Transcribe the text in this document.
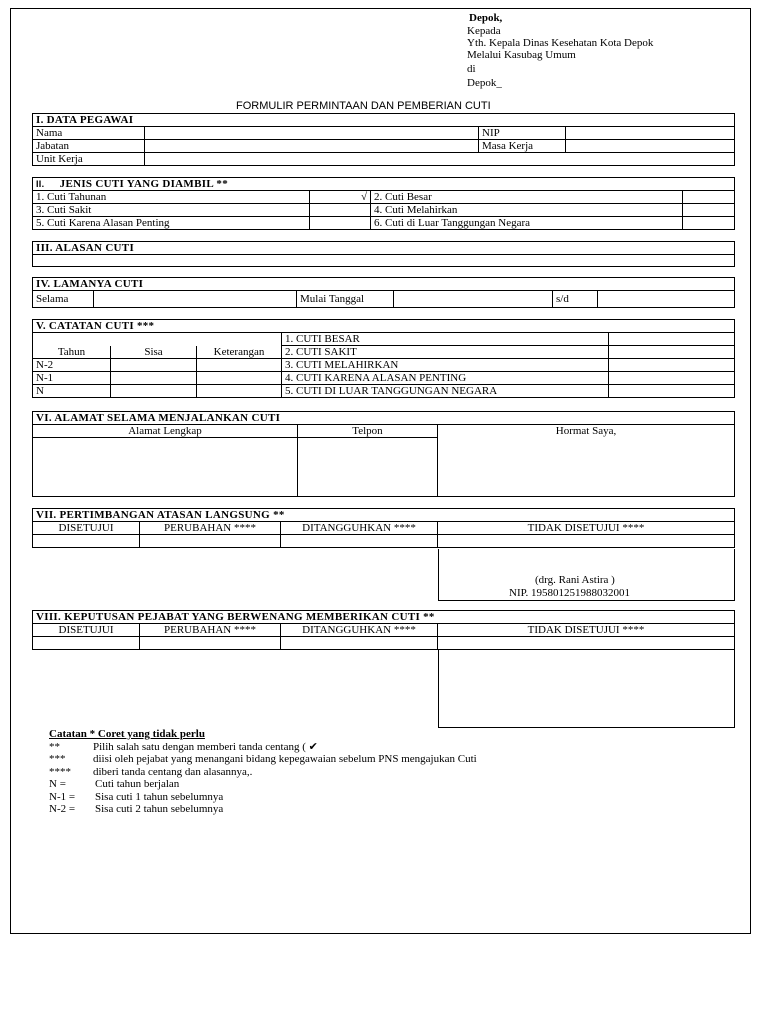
Depok,
Kepada
Yth. Kepala Dinas Kesehatan Kota Depok
Melalui Kasubag Umum
di
Depok_
FORMULIR PERMINTAAN DAN PEMBERIAN CUTI
I. DATA PEGAWAI			
Nama		NIP	
Jabatan		Masa Kerja	
Unit Kerja			
II. JENIS CUTI YANG DIAMBIL **			
1. Cuti Tahunan	√	2. Cuti Besar	
3. Cuti Sakit		4. Cuti Melahirkan	
5. Cuti Karena Alasan Penting		6. Cuti di Luar Tanggungan Negara	
III. ALASAN CUTI

IV. LAMANYA CUTI
Selama		Mulai Tanggal		s/d	
V. CATATAN CUTI ***				
			1. CUTI BESAR	
Tahun	Sisa	Keterangan	2. CUTI SAKIT	
N-2			3. CUTI MELAHIRKAN	
N-1			4. CUTI KARENA ALASAN PENTING	
N			5. CUTI DI LUAR TANGGUNGAN NEGARA	
VI. ALAMAT SELAMA MENJALANKAN CUTI		
Alamat Lengkap	Telpon	Hormat Saya,

VII. PERTIMBANGAN ATASAN LANGSUNG **			
DISETUJUI	PERUBAHAN ****	DITANGGUHKAN ****	TIDAK DISETUJUI ****

(drg. Rani Astira )
NIP. 195801251988032001
VIII. KEPUTUSAN PEJABAT YANG BERWENANG MEMBERIKAN CUTI **			
DISETUJUI	PERUBAHAN ****	DITANGGUHKAN ****	TIDAK DISETUJUI ****

Catatan * Coret yang tidak perlu
**	Pilih salah satu dengan memberi tanda centang ( ✔
***	diisi oleh pejabat yang menangani bidang kepegawaian sebelum PNS mengajukan Cuti
**** diberi tanda centang dan alasannya,.
N =	Cuti tahun berjalan
N-1 = Sisa cuti 1 tahun sebelumnya
N-2 = Sisa cuti 2 tahun sebelumnya
